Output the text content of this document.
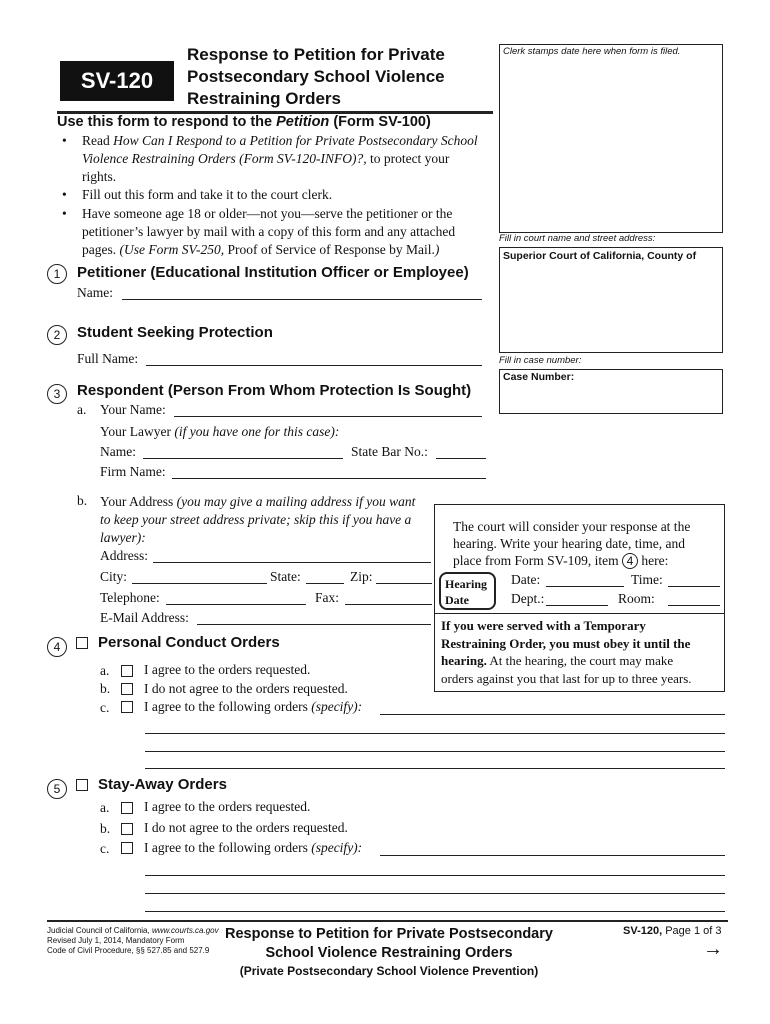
SV-120
Response to Petition for Private
Postsecondary School Violence
Restraining Orders
Use this form to respond to the Petition (Form SV-100)
• Read How Can I Respond to a Petition for Private Postsecondary School
Violence Restraining Orders (Form SV-120-INFO)?, to protect your
rights.
• Fill out this form and take it to the court clerk.
• Have someone age 18 or older—not you—serve the petitioner or the
petitioner’s lawyer by mail with a copy of this form and any attached
pages. (Use Form SV-250, Proof of Service of Response by Mail.)
Clerk stamps date here when form is filed.
Fill in court name and street address:
Superior Court of California, County of
Fill in case number:
Case Number:
1	Petitioner (Educational Institution Officer or Employee)
Name:
2	Student Seeking Protection
Full Name:
3	Respondent (Person From Whom Protection Is Sought)
a. Your Name:
Your Lawyer (if you have one for this case):
Name:	State Bar No.:
Firm Name:
b. Your Address (you may give a mailing address if you want
to keep your street address private; skip this if you have a
lawyer):
Address:
City:	State:	Zip:
Telephone:	Fax:
E-Mail Address:
The court will consider your response at the
hearing. Write your hearing date, time, and
place from Form SV-109, item 4 here:
Hearing
Date
Date:	Time:
Dept.:	Room:
If you were served with a Temporary
Restraining Order, you must obey it until the
hearing. At the hearing, the court may make
orders against you that last for up to three years.
4	Personal Conduct Orders
a.	I agree to the orders requested.
b.	I do not agree to the orders requested.
c.	I agree to the following orders (specify):
5	Stay-Away Orders
a.	I agree to the orders requested.
b.	I do not agree to the orders requested.
c.	I agree to the following orders (specify):
Judicial Council of California, www.courts.ca.gov
Revised July 1, 2014, Mandatory Form
Code of Civil Procedure, §§ 527.85 and 527.9
Response to Petition for Private Postsecondary
School Violence Restraining Orders
(Private Postsecondary School Violence Prevention)
SV-120, Page 1 of 3
→
